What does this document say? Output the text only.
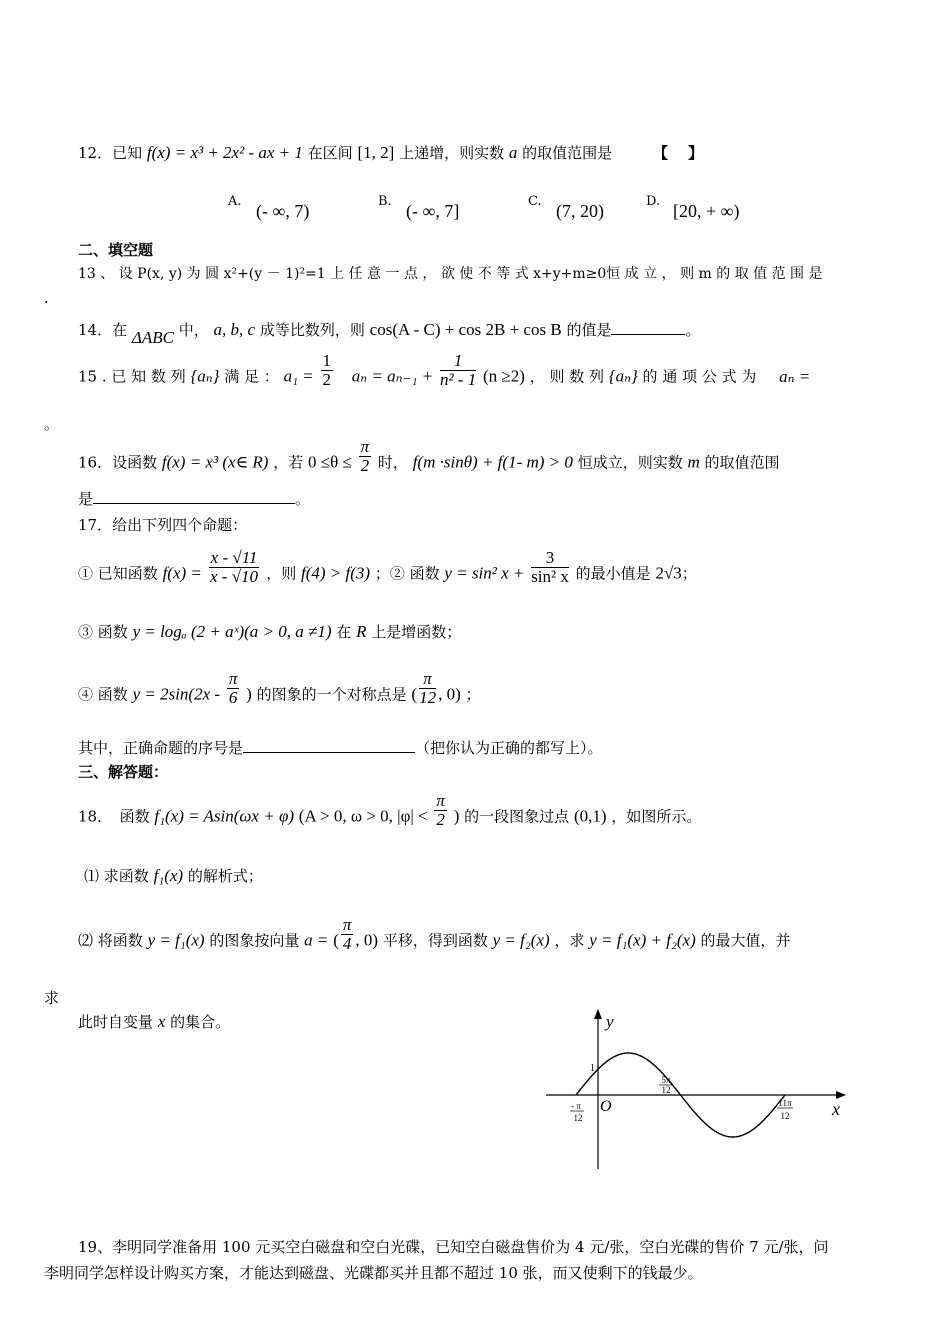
12．已知 f(x) = x³ + 2x² - ax + 1 在区间 [1, 2] 上递增，则实数 a 的取值范围是	【　 】
A. (- ∞, 7)	B. (- ∞, 7]	C. (7, 20)	D. [20, + ∞)
二、填空题
13 、 设 P(x, y) 为 圆 x²+(y － 1)²=1 上 任 意 一 点 ， 欲 使 不 等 式 x+y+m≥0恒 成 立 ， 则 m 的 取 值 范 围 是
.
14．在 ΔABC 中， a, b, c 成等比数列，则 cos(A - C) + cos 2B + cos B 的值是	。
15 . 已 知 数 列 {aₙ} 满 足 ： $a_1 = \frac{1}{2}$ $a_n = a_{n-1} + \frac{1}{\text{n² - 1}} (n \ge 2)$ ， 则 数 列 {aₙ} 的 通 项 公 式 为 aₙ =
。
16．设函数 f(x) = x³ (x∈ R) ，若 $0 \le\theta \le \frac{\pi}{2}$ 时， f(m ·sinθ) + f(1- m) > 0 恒成立，则实数 m 的取值范围
是	。
17．给出下列四个命题：
① 已知函数 $f(x) = \frac{x - √11}{x - √10}$ ，则 f(4) > f(3) ；② 函数 y = sin² $x + \frac{3}{\text{sin² x}}$ 的最小值是 2√3；
③ 函数 y = logₐ (2 + aˣ)(a > 0, a ≠1) 在 R 上是增函数；
④ 函数 $y = 2\sin(2x - \frac{\pi}{6}$ ) 的图象的一个对称点是 ( $\frac{\pi}{12}$ , 0) ；
其中，正确命题的序号是	（把你认为正确的都写上）。
三、解答题：
18．　函数 f₁(x) = Asin(ωx + φ) (A > 0, ω > 0, $|\varphi| < \frac{\pi}{2}$ ) 的一段图象过点 (0,1) ，如图所示。
⑴ 求函数 f₁(x) 的解析式；
⑵ 将函数 y = f₁(x) 的图象按向量 a = ( $\frac{\pi}{4}$ , 0) 平移，得到函数 y = f₂(x) ，求 y = f₁(x) + f₂(x) 的最大值，并
求
此时自变量 x 的集合。	y
x
O
1
5π
12
11π
12
- π
12
19、李明同学准备用 100 元买空白磁盘和空白光碟，已知空白磁盘售价为 4 元/张，空白光碟的售价 7 元/张，问
李明同学怎样设计购买方案，才能达到磁盘、光碟都买并且都不超过 10 张，而又使剩下的钱最少。
